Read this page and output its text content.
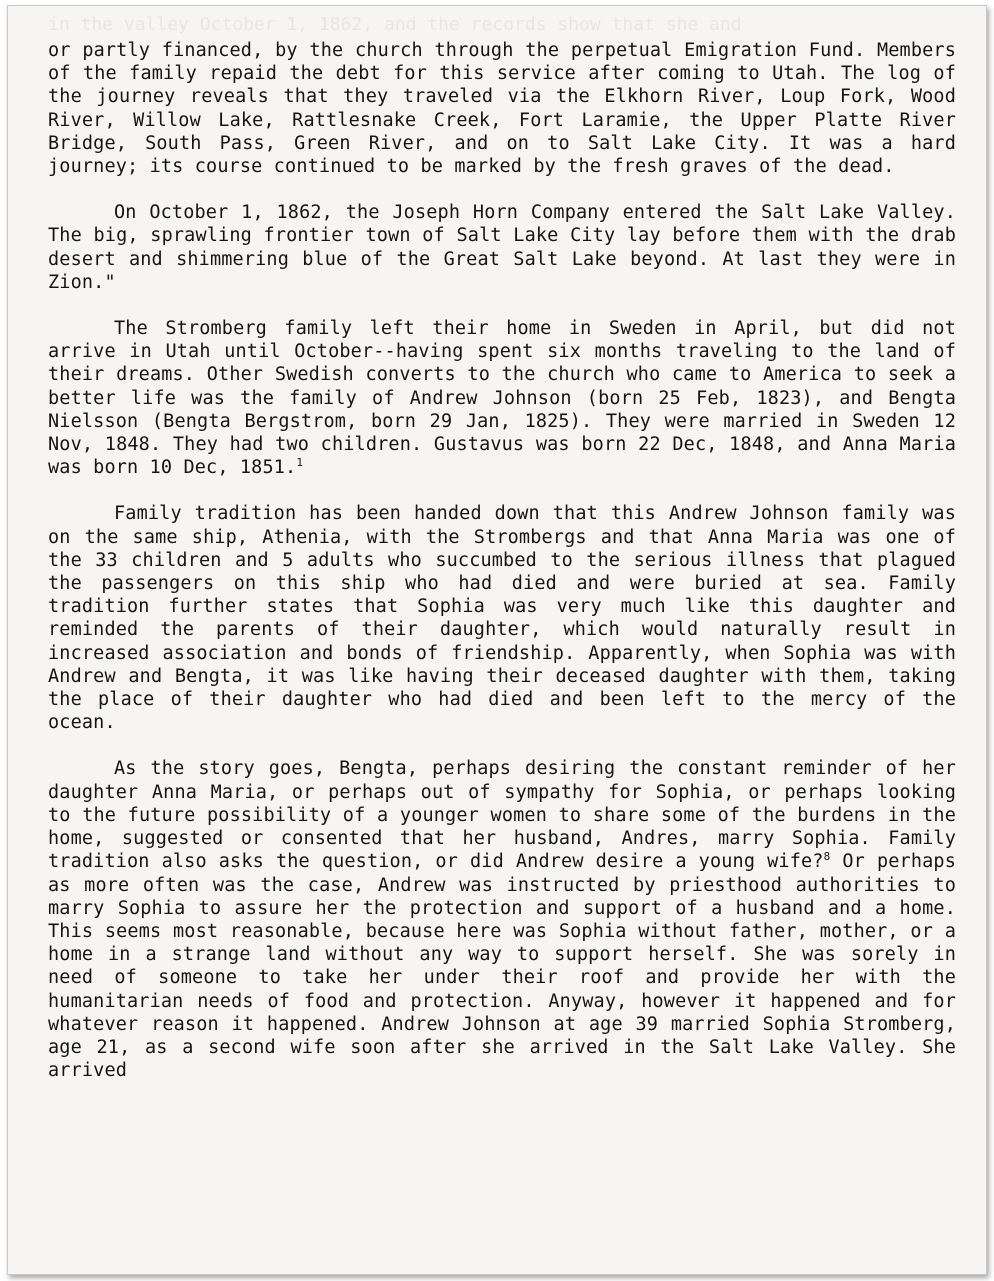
in the valley October 1, 1862, and the records show that she and

or partly financed, by the church through the perpetual Emigration Fund. Members of the family repaid the debt for this service after coming to Utah. The log of the journey reveals that they traveled via the Elkhorn River, Loup Fork, Wood River, Willow Lake, Rattlesnake Creek, Fort Laramie, the Upper Platte River Bridge, South Pass, Green River, and on to Salt Lake City. It was a hard journey; its course continued to be marked by the fresh graves of the dead.

On October 1, 1862, the Joseph Horn Company entered the Salt Lake Valley. The big, sprawling frontier town of Salt Lake City lay before them with the drab desert and shimmering blue of the Great Salt Lake beyond. At last they were in Zion."

The Stromberg family left their home in Sweden in April, but did not arrive in Utah until October--having spent six months traveling to the land of their dreams. Other Swedish converts to the church who came to America to seek a better life was the family of Andrew Johnson (born 25 Feb, 1823), and Bengta Nielsson (Bengta Bergstrom, born 29 Jan, 1825). They were married in Sweden 12 Nov, 1848. They had two children. Gustavus was born 22 Dec, 1848, and Anna Maria was born 10 Dec, 1851.$^1$

Family tradition has been handed down that this Andrew Johnson family was on the same ship, Athenia, with the Strombergs and that Anna Maria was one of the 33 children and 5 adults who succumbed to the serious illness that plagued the passengers on this ship who had died and were buried at sea. Family tradition further states that Sophia was very much like this daughter and reminded the parents of their daughter, which would naturally result in increased association and bonds of friendship. Apparently, when Sophia was with Andrew and Bengta, it was like having their deceased daughter with them, taking the place of their daughter who had died and been left to the mercy of the ocean.

As the story goes, Bengta, perhaps desiring the constant reminder of her daughter Anna Maria, or perhaps out of sympathy for Sophia, or perhaps looking to the future possibility of a younger women to share some of the burdens in the home, suggested or consented that her husband, Andres, marry Sophia. Family tradition also asks the question, or did Andrew desire a young wife?$^8$ Or perhaps as more often was the case, Andrew was instructed by priesthood authorities to marry Sophia to assure her the protection and support of a husband and a home. This seems most reasonable, because here was Sophia without father, mother, or a home in a strange land without any way to support herself. She was sorely in need of someone to take her under their roof and provide her with the humanitarian needs of food and protection. Anyway, however it happened and for whatever reason it happened. Andrew Johnson at age 39 married Sophia Stromberg, age 21, as a second wife soon after she arrived in the Salt Lake Valley. She arrived
